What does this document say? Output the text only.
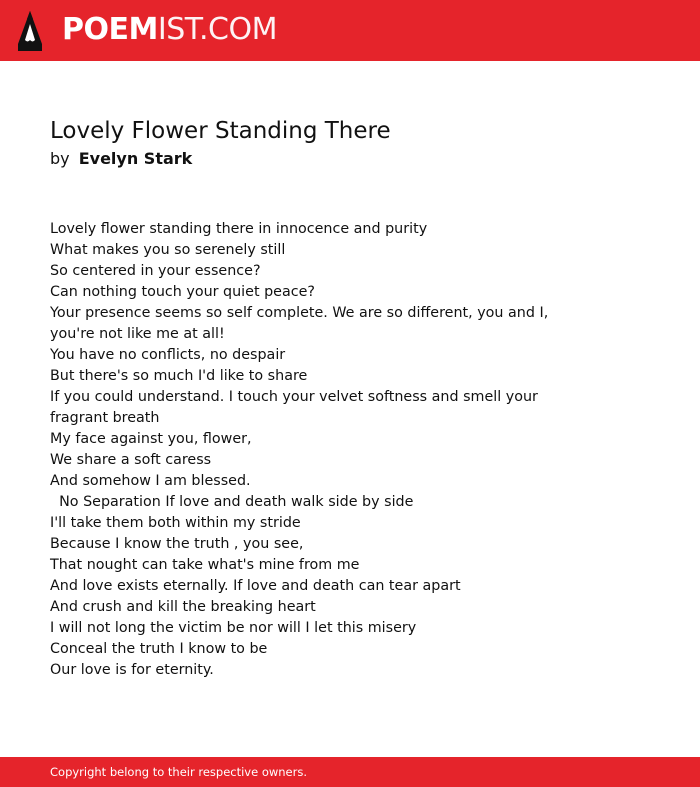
POEMIST.COM
Lovely Flower Standing There
by Evelyn Stark
Lovely flower standing there in innocence and purity
What makes you so serenely still
So centered in your essence?
Can nothing touch your quiet peace?
Your presence seems so self complete. We are so different, you and I,
you're not like me at all!
You have no conflicts, no despair
But there's so much I'd like to share
If you could understand. I touch your velvet softness and smell your
fragrant breath
My face against you, flower,
We share a soft caress
And somehow I am blessed.
No Separation If love and death walk side by side
I'll take them both within my stride
Because I know the truth , you see,
That nought can take what's mine from me
And love exists eternally. If love and death can tear apart
And crush and kill the breaking heart
I will not long the victim be nor will I let this misery
Conceal the truth I know to be
Our love is for eternity.
Copyright belong to their respective owners.
